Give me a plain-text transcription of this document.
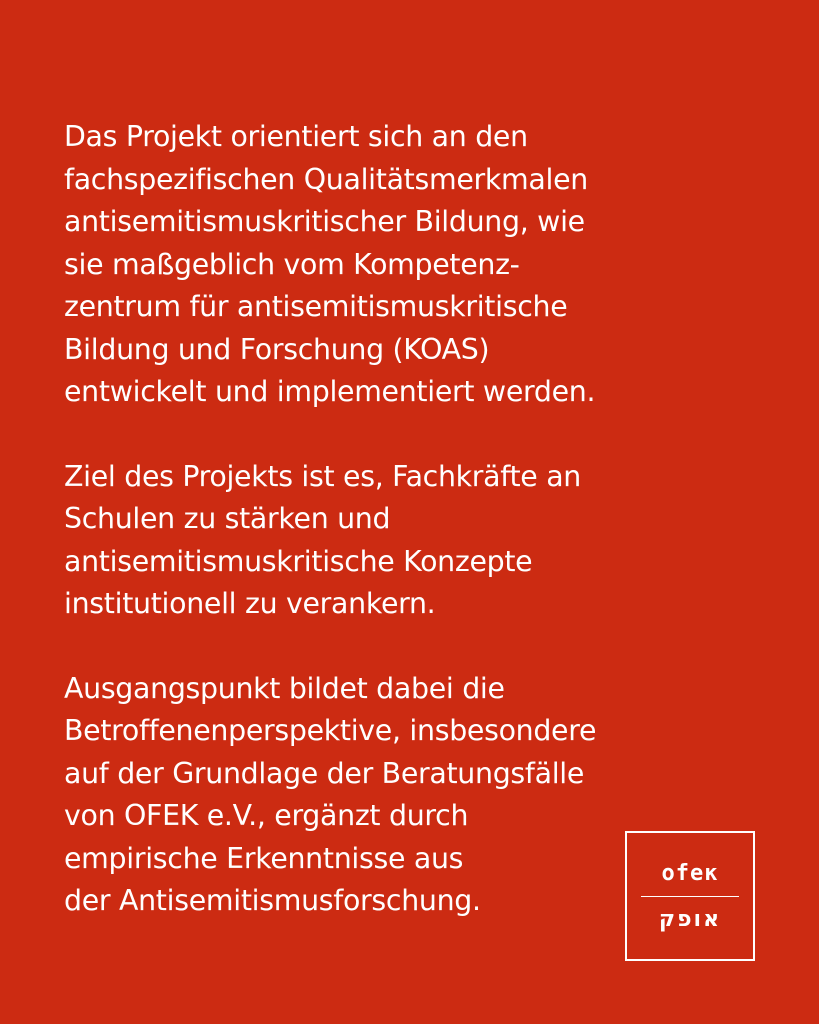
Das Projekt orientiert sich an den
fachspezifischen Qualitätsmerkmalen
antisemitismuskritischer Bildung, wie
sie maßgeblich vom Kompetenz-
zentrum für antisemitismuskritische
Bildung und Forschung (KOAS)
entwickelt und implementiert werden.

Ziel des Projekts ist es, Fachkräfte an
Schulen zu stärken und
antisemitismuskritische Konzepte
institutionell zu verankern.

Ausgangspunkt bildet dabei die
Betroffenenperspektive, insbesondere
auf der Grundlage der Beratungsfälle
von OFEK e.V., ergänzt durch
empirische Erkenntnisse aus
der Antisemitismusforschung.

ofeк
אופק
